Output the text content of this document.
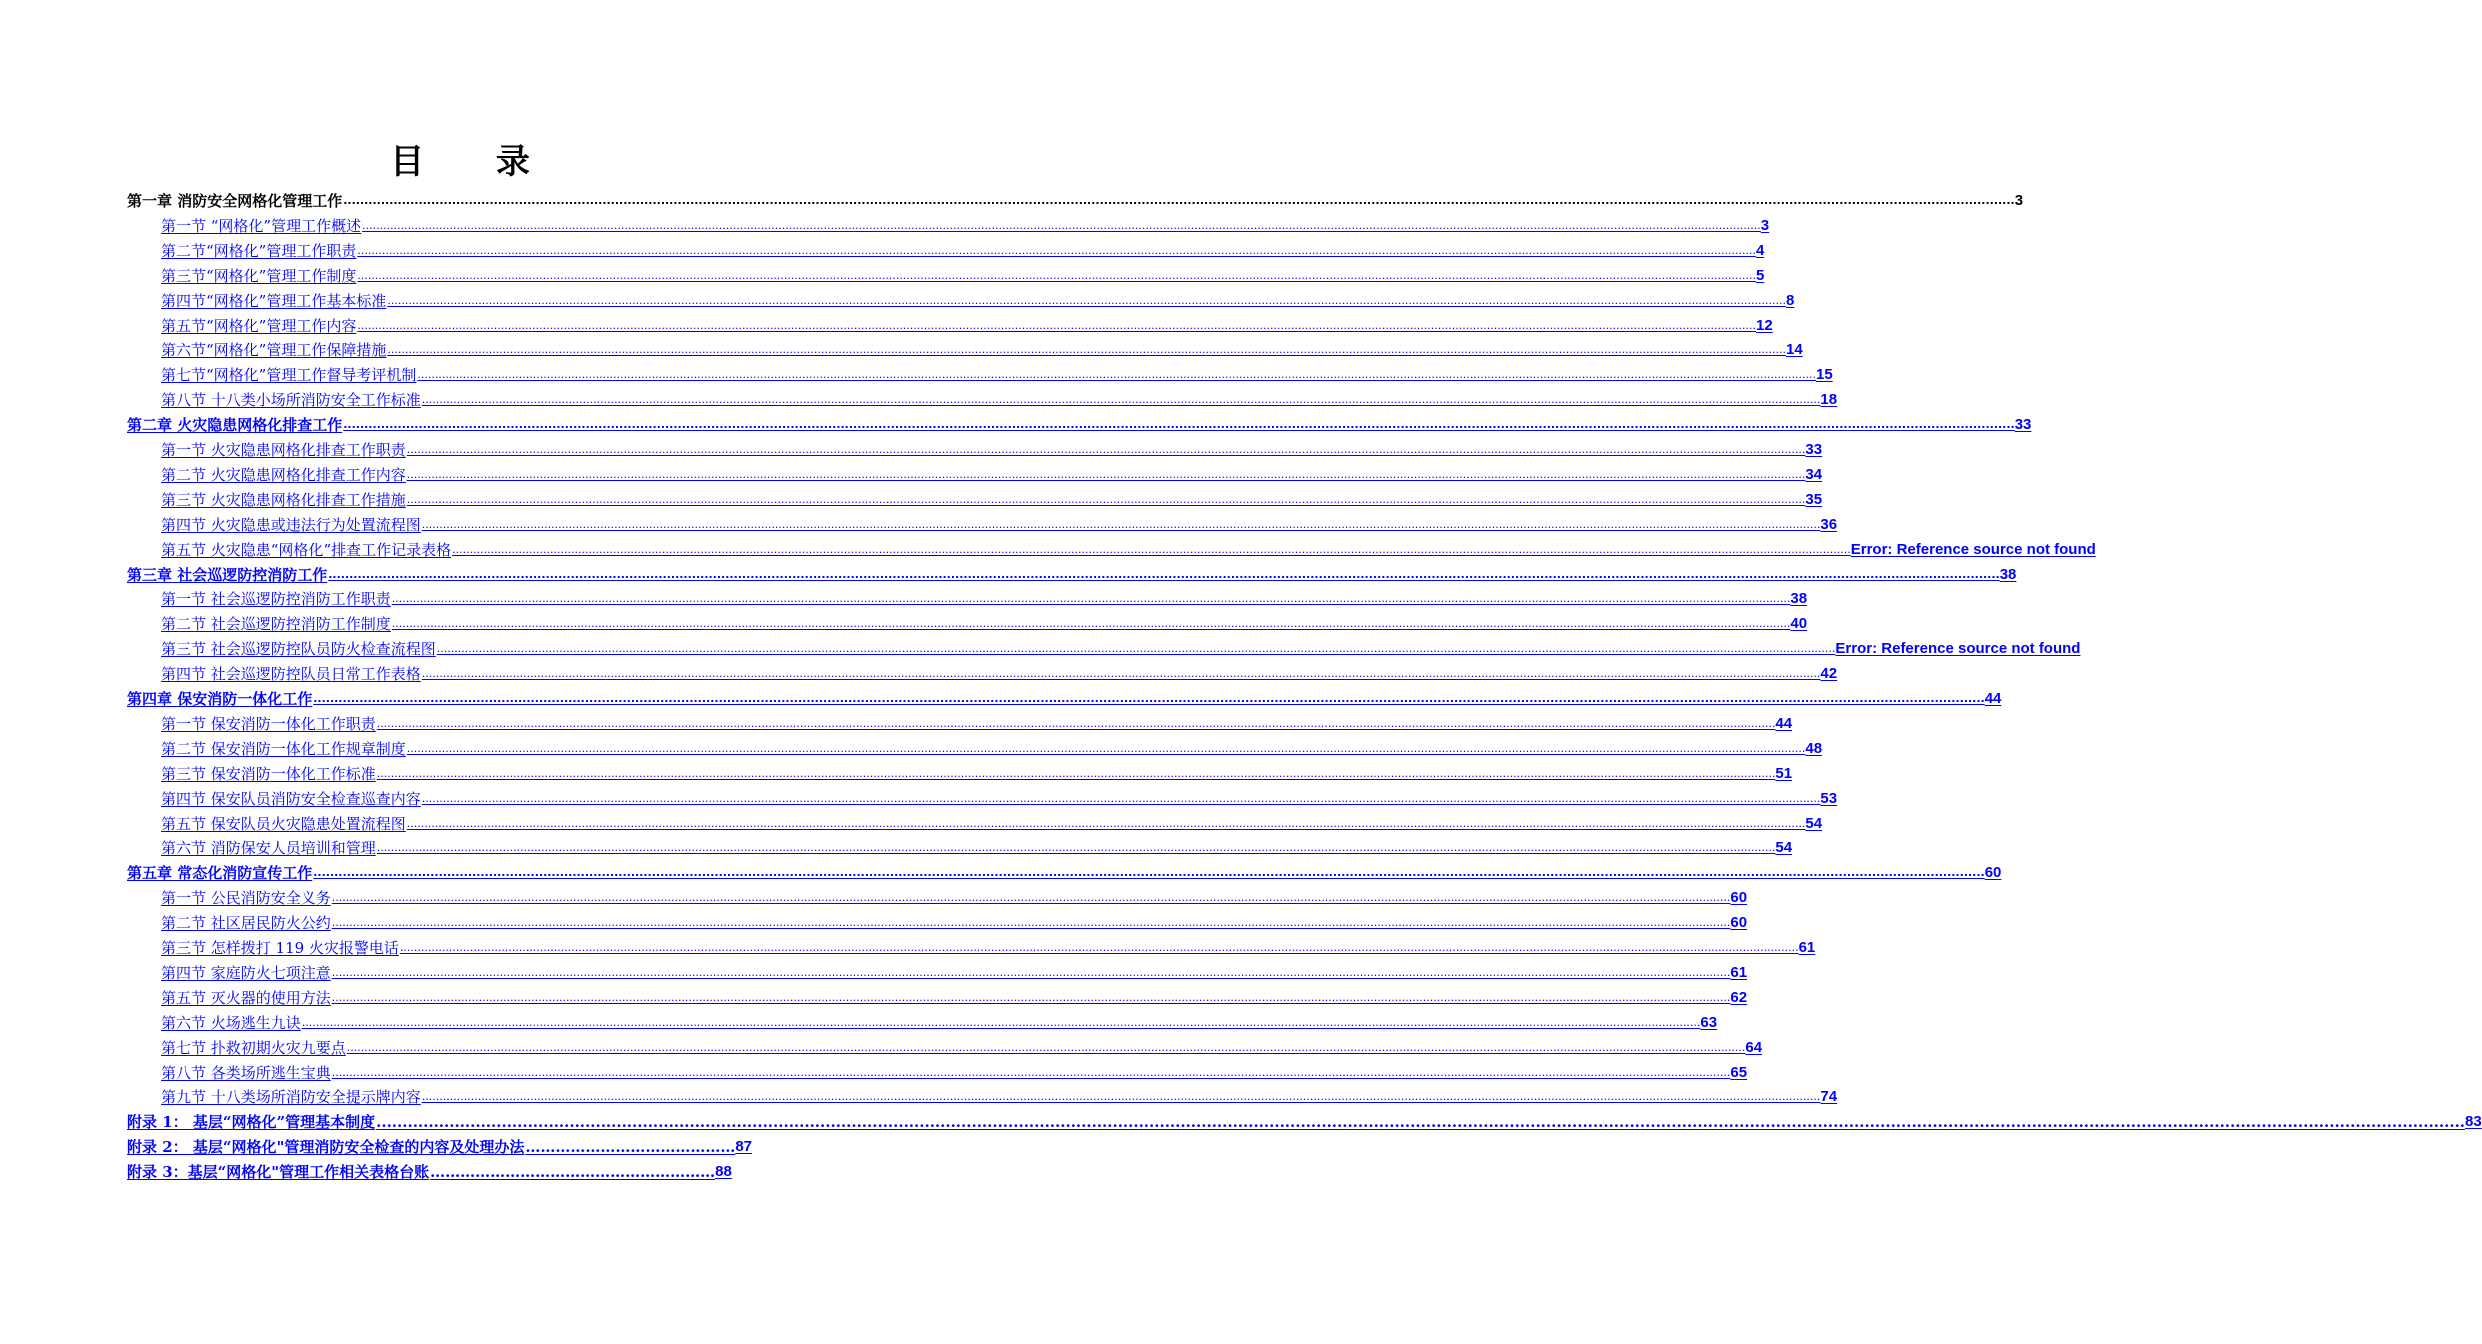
目 录
第一章 消防安全网格化管理工作 ................................................................................................................................................................................................................................................................................................................................................................................................................ 3
第一节 “网格化”管理工作概述 ................................................................................................................................................................................................................................................................................................................................................................................................................ 3
第二节“网格化”管理工作职责 ................................................................................................................................................................................................................................................................................................................................................................................................................ 4
第三节“网格化”管理工作制度 ................................................................................................................................................................................................................................................................................................................................................................................................................ 5
第四节“网格化”管理工作基本标准 ................................................................................................................................................................................................................................................................................................................................................................................................................ 8
第五节“网格化”管理工作内容 ................................................................................................................................................................................................................................................................................................................................................................................................................ 12
第六节“网格化”管理工作保障措施 ................................................................................................................................................................................................................................................................................................................................................................................................................ 14
第七节“网格化”管理工作督导考评机制 ................................................................................................................................................................................................................................................................................................................................................................................................................ 15
第八节 十八类小场所消防安全工作标准 ................................................................................................................................................................................................................................................................................................................................................................................................................ 18
第二章 火灾隐患网格化排查工作 ................................................................................................................................................................................................................................................................................................................................................................................................................ 33
第一节 火灾隐患网格化排查工作职责 ................................................................................................................................................................................................................................................................................................................................................................................................................ 33
第二节 火灾隐患网格化排查工作内容 ................................................................................................................................................................................................................................................................................................................................................................................................................ 34
第三节 火灾隐患网格化排查工作措施 ................................................................................................................................................................................................................................................................................................................................................................................................................ 35
第四节 火灾隐患或违法行为处置流程图 ................................................................................................................................................................................................................................................................................................................................................................................................................ 36
第五节 火灾隐患“网格化”排查工作记录表格 ................................................................................................................................................................................................................................................................................................................................................................................................................ Error: Reference source not found
第三章 社会巡逻防控消防工作 ................................................................................................................................................................................................................................................................................................................................................................................................................ 38
第一节 社会巡逻防控消防工作职责 ................................................................................................................................................................................................................................................................................................................................................................................................................ 38
第二节 社会巡逻防控消防工作制度 ................................................................................................................................................................................................................................................................................................................................................................................................................ 40
第三节 社会巡逻防控队员防火检查流程图 ................................................................................................................................................................................................................................................................................................................................................................................................................ Error: Reference source not found
第四节 社会巡逻防控队员日常工作表格 ................................................................................................................................................................................................................................................................................................................................................................................................................ 42
第四章 保安消防一体化工作 ................................................................................................................................................................................................................................................................................................................................................................................................................ 44
第一节 保安消防一体化工作职责 ................................................................................................................................................................................................................................................................................................................................................................................................................ 44
第二节 保安消防一体化工作规章制度 ................................................................................................................................................................................................................................................................................................................................................................................................................ 48
第三节 保安消防一体化工作标准 ................................................................................................................................................................................................................................................................................................................................................................................................................ 51
第四节 保安队员消防安全检查巡查内容 ................................................................................................................................................................................................................................................................................................................................................................................................................ 53
第五节 保安队员火灾隐患处置流程图 ................................................................................................................................................................................................................................................................................................................................................................................................................ 54
第六节 消防保安人员培训和管理 ................................................................................................................................................................................................................................................................................................................................................................................................................ 54
第五章 常态化消防宣传工作 ................................................................................................................................................................................................................................................................................................................................................................................................................ 60
第一节 公民消防安全义务 ................................................................................................................................................................................................................................................................................................................................................................................................................ 60
第二节 社区居民防火公约 ................................................................................................................................................................................................................................................................................................................................................................................................................ 60
第三节 怎样拨打 119 火灾报警电话 ................................................................................................................................................................................................................................................................................................................................................................................................................ 61
第四节 家庭防火七项注意 ................................................................................................................................................................................................................................................................................................................................................................................................................ 61
第五节 灭火器的使用方法 ................................................................................................................................................................................................................................................................................................................................................................................................................ 62
第六节 火场逃生九诀 ................................................................................................................................................................................................................................................................................................................................................................................................................ 63
第七节 扑救初期火灾九要点 ................................................................................................................................................................................................................................................................................................................................................................................................................ 64
第八节 各类场所逃生宝典 ................................................................................................................................................................................................................................................................................................................................................................................................................ 65
第九节 十八类场所消防安全提示牌内容 ................................................................................................................................................................................................................................................................................................................................................................................................................ 74
附录 1： 基层“网格化”管理基本制度 ................................................................................................................................................................................................................................................................................................................................................................................................................ 83
附录 2： 基层“网格化"管理消防安全检查的内容及处理办法 …………………………………… 87
附录 3：基层“网格化"管理工作相关表格台账 ………………………………………………… 88
